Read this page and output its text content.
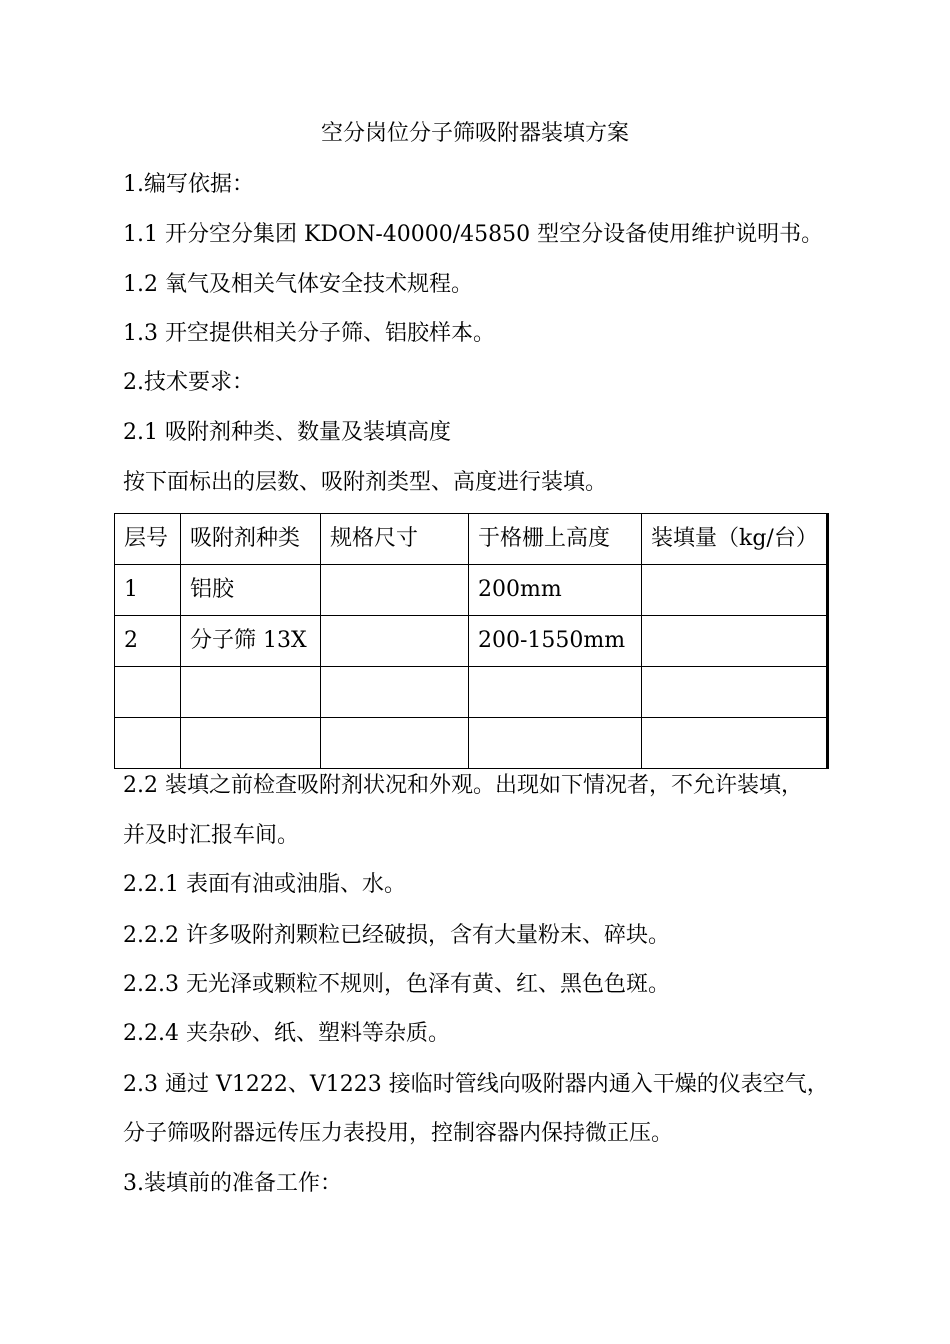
空分岗位分子筛吸附器装填方案
1.编写依据：
1.1 开分空分集团 KDON-40000/45850 型空分设备使用维护说明书。
1.2 氧气及相关气体安全技术规程。
1.3 开空提供相关分子筛、铝胶样本。
2.技术要求：
2.1 吸附剂种类、数量及装填高度
按下面标出的层数、吸附剂类型、高度进行装填。
层号	吸附剂种类	规格尺寸	于格栅上高度	装填量（kg/台）
1	铝胶		200mm	
2	分子筛 13X		200-1550mm	

2.2 装填之前检查吸附剂状况和外观。出现如下情况者，不允许装填，
并及时汇报车间。
2.2.1 表面有油或油脂、水。
2.2.2 许多吸附剂颗粒已经破损，含有大量粉末、碎块。
2.2.3 无光泽或颗粒不规则，色泽有黄、红、黑色色斑。
2.2.4 夹杂砂、纸、塑料等杂质。
2.3 通过 V1222、V1223 接临时管线向吸附器内通入干燥的仪表空气，
分子筛吸附器远传压力表投用，控制容器内保持微正压。
3.装填前的准备工作：
